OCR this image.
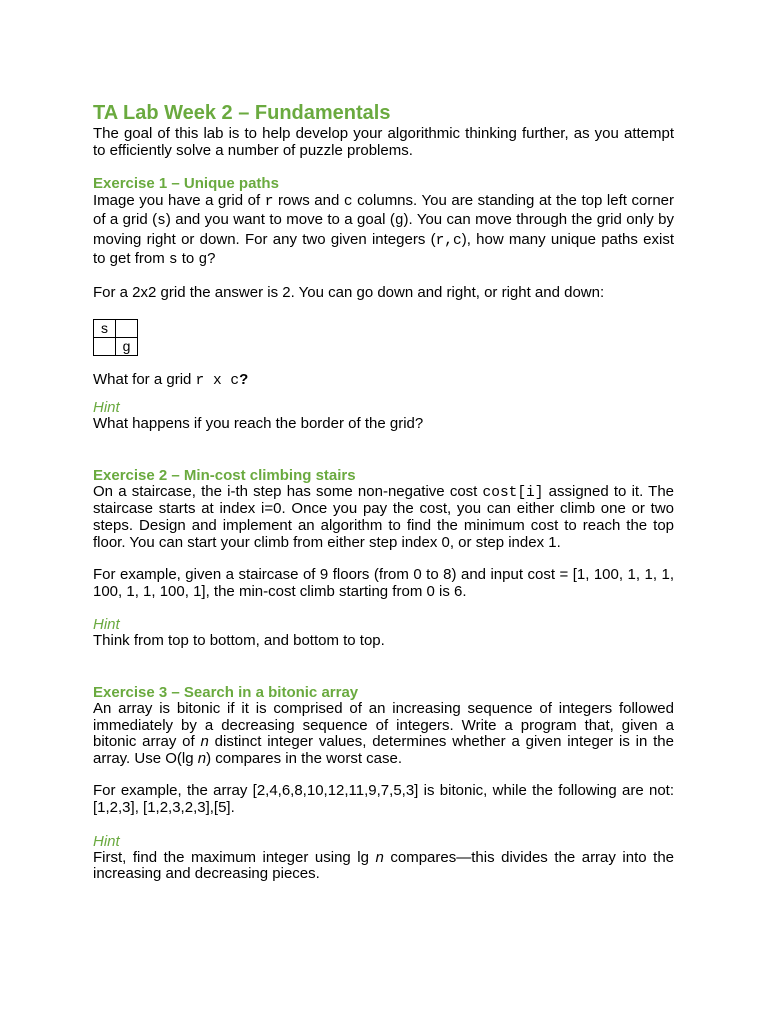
TA Lab Week 2 – Fundamentals

The goal of this lab is to help develop your algorithmic thinking further, as you attempt to efficiently solve a number of puzzle problems.

Exercise 1 – Unique paths

Image you have a grid of r rows and c columns. You are standing at the top left corner of a grid (s) and you want to move to a goal (g). You can move through the grid only by moving right or down. For any two given integers (r,c), how many unique paths exist to get from s to g?

For a 2x2 grid the answer is 2. You can go down and right, or right and down:

s	
	g

What for a grid r x c?

Hint

What happens if you reach the border of the grid?

Exercise 2 – Min-cost climbing stairs

On a staircase, the i-th step has some non-negative cost cost[i] assigned to it. The staircase starts at index i=0. Once you pay the cost, you can either climb one or two steps. Design and implement an algorithm to find the minimum cost to reach the top floor. You can start your climb from either step index 0, or step index 1.

For example, given a staircase of 9 floors (from 0 to 8) and input cost = [1, 100, 1, 1, 1, 100, 1, 1, 100, 1], the min-cost climb starting from 0 is 6.

Hint

Think from top to bottom, and bottom to top.

Exercise 3 – Search in a bitonic array

An array is bitonic if it is comprised of an increasing sequence of integers followed immediately by a decreasing sequence of integers. Write a program that, given a bitonic array of n distinct integer values, determines whether a given integer is in the array. Use O(lg n) compares in the worst case.

For example, the array [2,4,6,8,10,12,11,9,7,5,3] is bitonic, while the following are not: [1,2,3], [1,2,3,2,3],[5].

Hint

First, find the maximum integer using lg n compares—this divides the array into the increasing and decreasing pieces.
